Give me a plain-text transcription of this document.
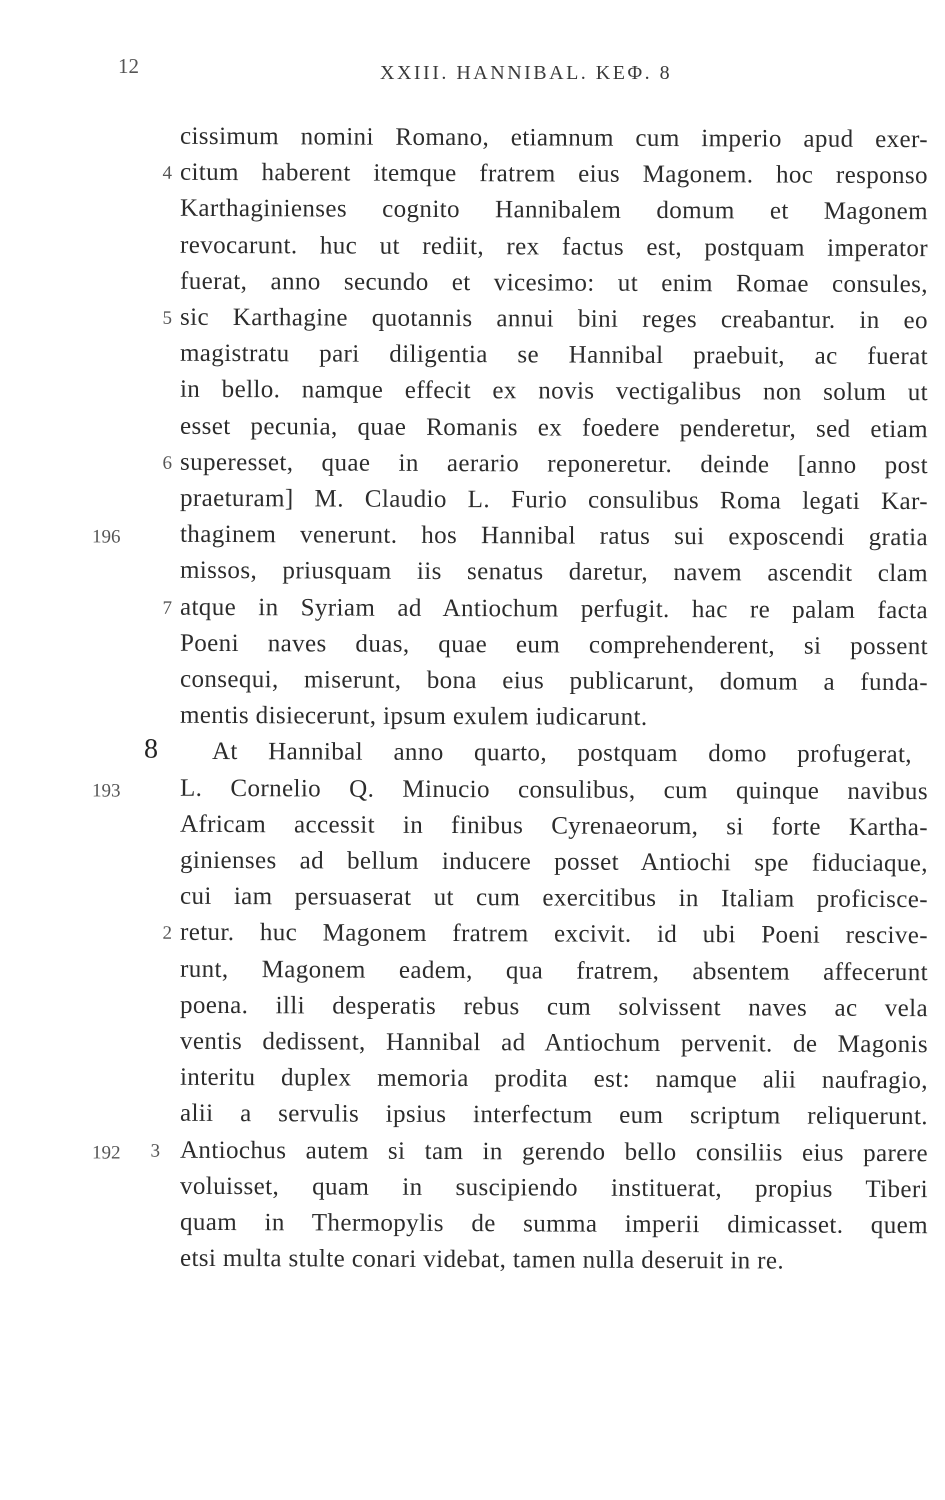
12	XXIII. HANNIBAL. ΚΕΦ. 8
cissimum nomini Romano, etiamnum cum imperio apud exer-
4 citum haberent itemque fratrem eius Magonem. hoc responso
Karthaginienses cognito Hannibalem domum et Magonem
revocarunt. huc ut rediit, rex factus est, postquam imperator
fuerat, anno secundo et vicesimo: ut enim Romae consules,
5 sic Karthagine quotannis annui bini reges creabantur. in eo
magistratu pari diligentia se Hannibal praebuit, ac fuerat
in bello. namque effecit ex novis vectigalibus non solum ut
esset pecunia, quae Romanis ex foedere penderetur, sed etiam
6 superesset, quae in aerario reponeretur. deinde [anno post
praeturam] M. Claudio L. Furio consulibus Roma legati Kar-
196	thaginem venerunt. hos Hannibal ratus sui exposcendi gratia
missos, priusquam iis senatus daretur, navem ascendit clam
7 atque in Syriam ad Antiochum perfugit. hac re palam facta
Poeni naves duas, quae eum comprehenderent, si possent
consequi, miserunt, bona eius publicarunt, domum a funda-
mentis disiecerunt, ipsum exulem iudicarunt.
8 At Hannibal anno quarto, postquam domo profugerat,
193	L. Cornelio Q. Minucio consulibus, cum quinque navibus
Africam accessit in finibus Cyrenaeorum, si forte Kartha-
ginienses ad bellum inducere posset Antiochi spe fiduciaque,
cui iam persuaserat ut cum exercitibus in Italiam proficisce-
2 retur. huc Magonem fratrem excivit. id ubi Poeni rescive-
runt, Magonem eadem, qua fratrem, absentem affecerunt
poena. illi desperatis rebus cum solvissent naves ac vela
ventis dedissent, Hannibal ad Antiochum pervenit. de Magonis
interitu duplex memoria prodita est: namque alii naufragio,
alii a servulis ipsius interfectum eum scriptum reliquerunt.
192	3 Antiochus autem si tam in gerendo bello consiliis eius parere
voluisset, quam in suscipiendo instituerat, propius Tiberi
quam in Thermopylis de summa imperii dimicasset. quem
etsi multa stulte conari videbat, tamen nulla deseruit in re.
